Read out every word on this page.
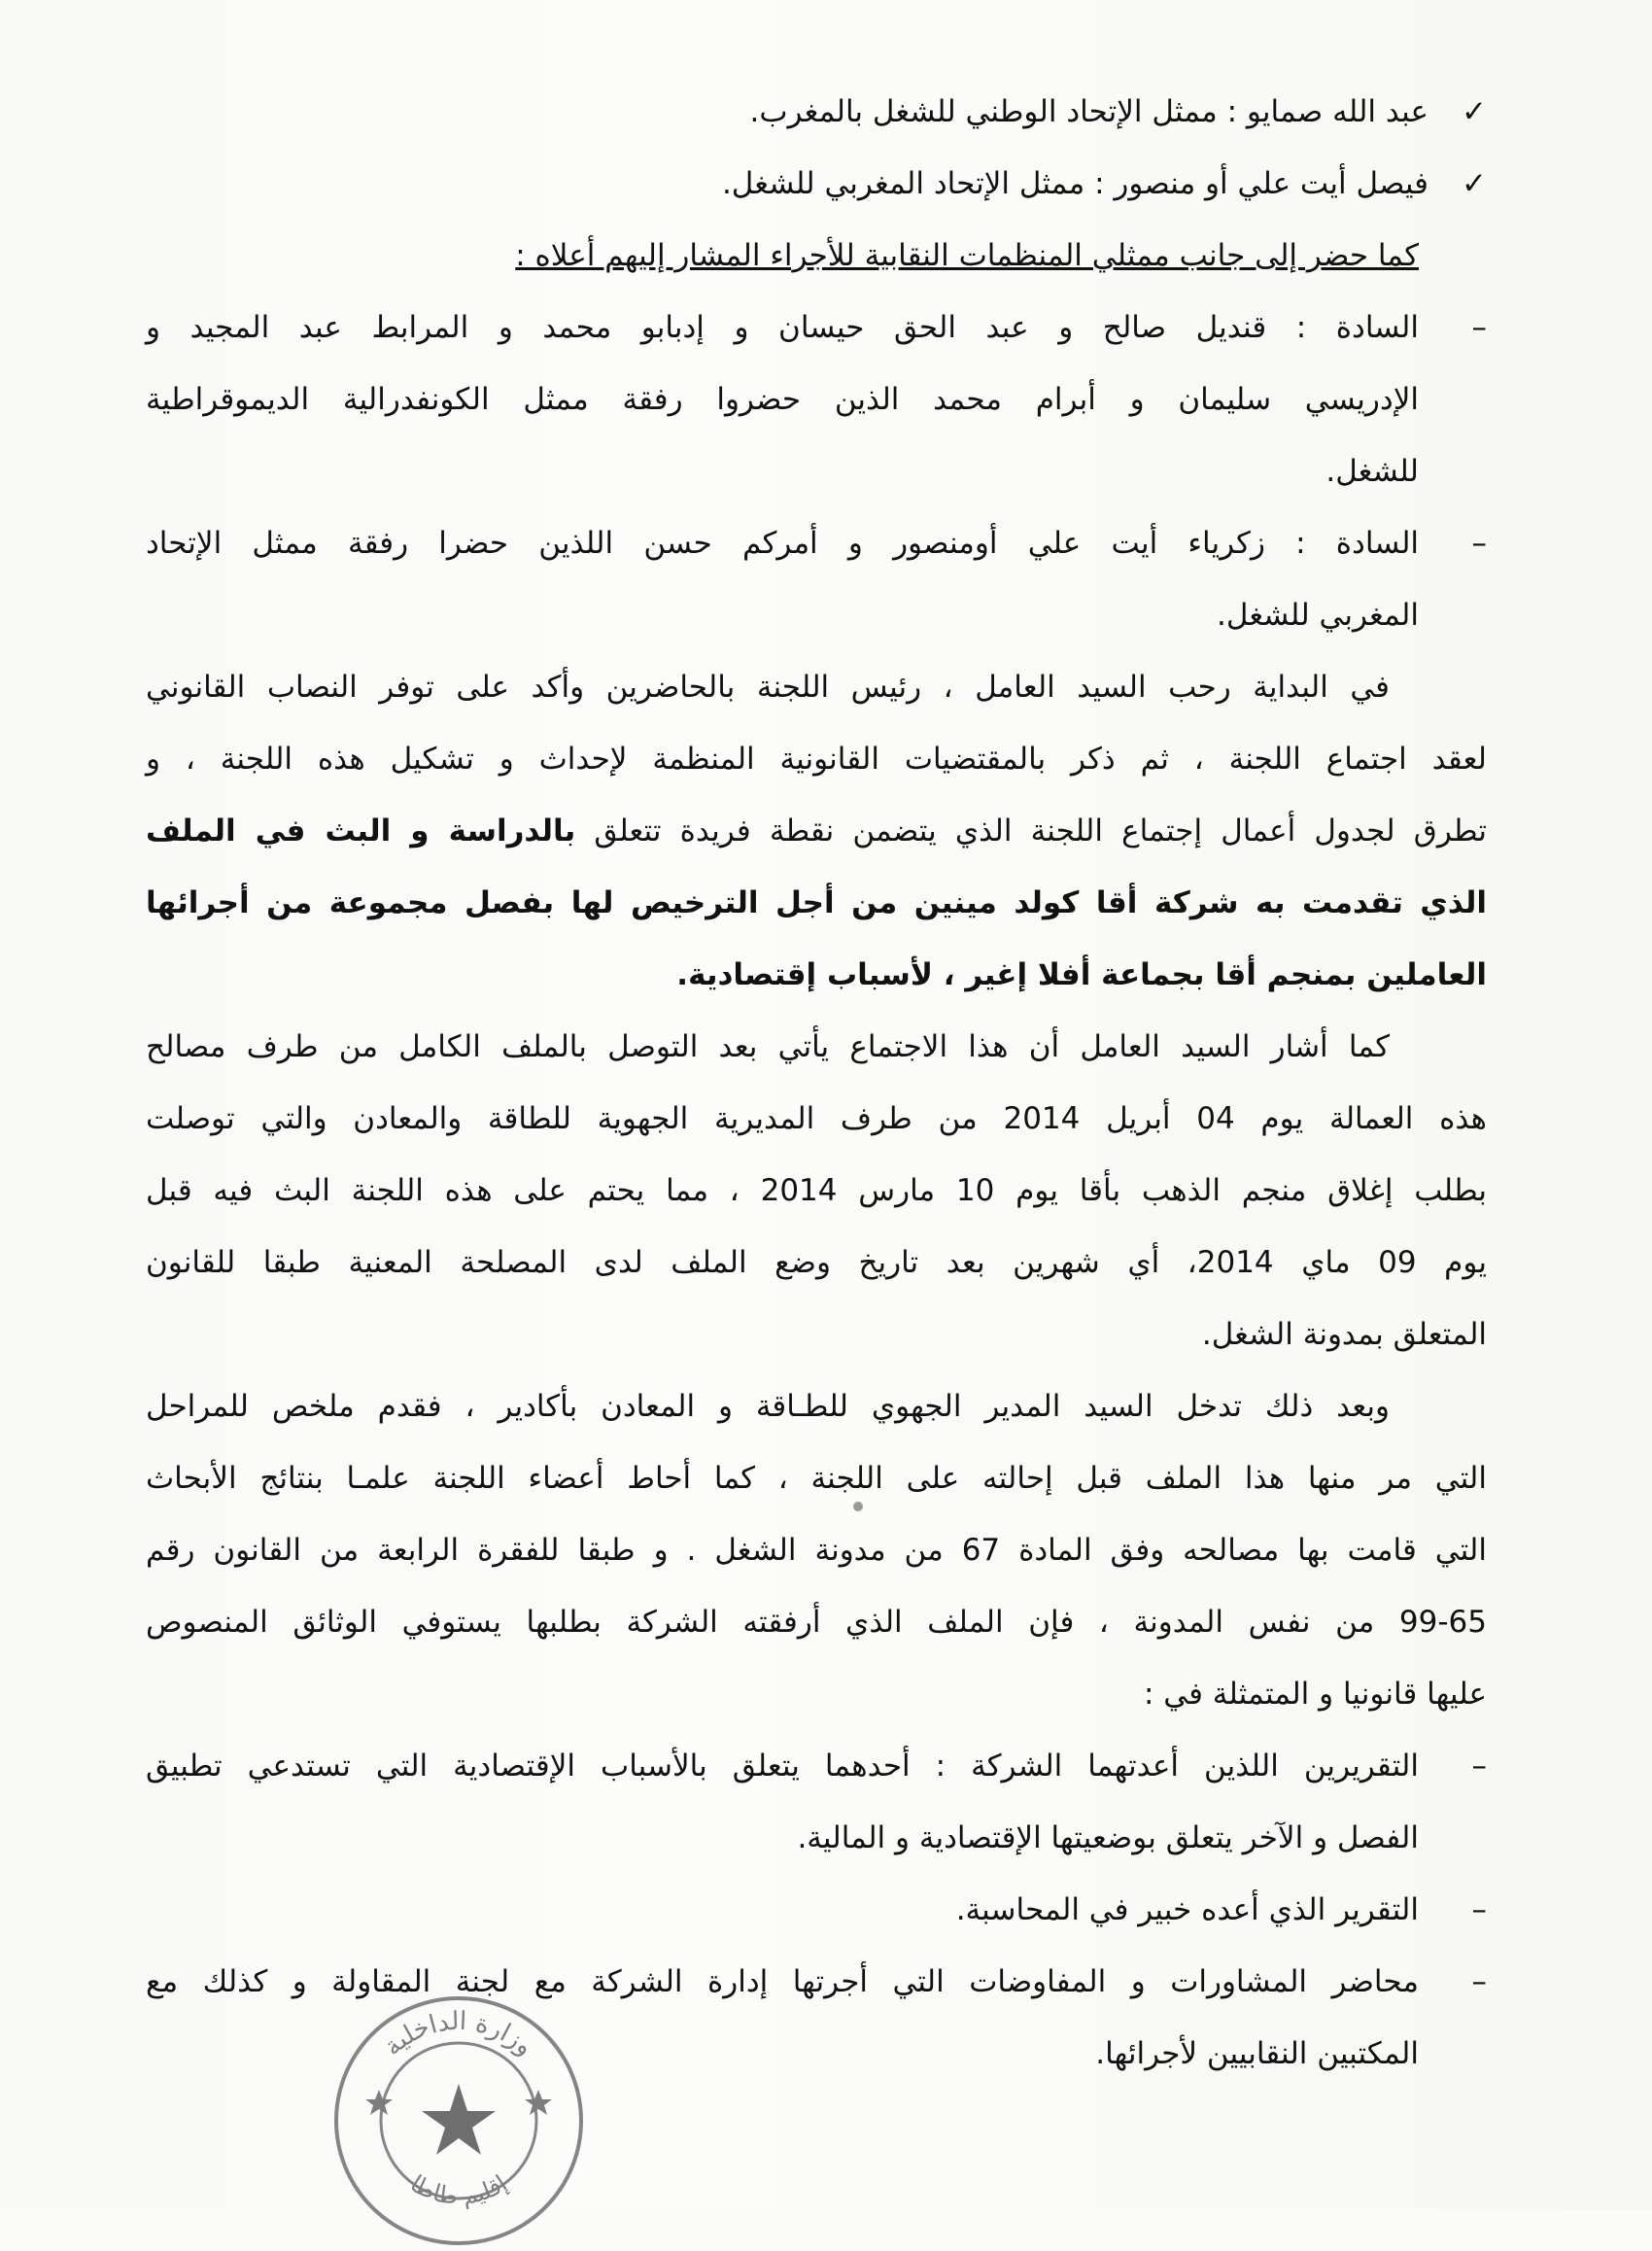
✓
عبد الله صمايو : ممثل الإتحاد الوطني للشغل بالمغرب.
✓
فيصل أيت علي أو منصور : ممثل الإتحاد المغربي للشغل.
كما حضر إلى جانب ممثلي المنظمات النقابية للأجراء المشار إليهم أعلاه :
–
السادة : قنديل صالح و عبد الحق حيسان و إدبابو محمد و المرابط عبد المجيد و
الإدريسي سليمان و أبرام محمد الذين حضروا رفقة ممثل الكونفدرالية الديموقراطية
للشغل.
–
السادة : زكرياء أيت علي أومنصور و أمركم حسن اللذين حضرا رفقة ممثل الإتحاد
المغربي للشغل.
في البداية رحب السيد العامل ، رئيس اللجنة بالحاضرين وأكد على توفر النصاب القانوني
لعقد اجتماع اللجنة ، ثم ذكر بالمقتضيات القانونية المنظمة لإحداث و تشكيل هذه اللجنة ، و
تطرق لجدول أعمال إجتماع اللجنة الذي يتضمن نقطة فريدة تتعلق بالدراسة و البث في الملف
الذي تقدمت به شركة أقا كولد مينين من أجل الترخيص لها بفصل مجموعة من أجرائها
العاملين بمنجم أقا بجماعة أفلا إغير ، لأسباب إقتصادية.
كما أشار السيد العامل أن هذا الاجتماع يأتي بعد التوصل بالملف الكامل من طرف مصالح
هذه العمالة يوم 04 أبريل 2014 من طرف المديرية الجهوية للطاقة والمعادن والتي توصلت
بطلب إغلاق منجم الذهب بأقا يوم 10 مارس 2014 ، مما يحتم على هذه اللجنة البث فيه قبل
يوم 09 ماي 2014، أي شهرين بعد تاريخ وضع الملف لدى المصلحة المعنية طبقا للقانون
المتعلق بمدونة الشغل.
وبعد ذلك تدخل السيد المدير الجهوي للطـاقة و المعادن بأكادير ، فقدم ملخص للمراحل
التي مر منها هذا الملف قبل إحالته على اللجنة ، كما أحاط أعضاء اللجنة علمـا بنتائج الأبحاث
التي قامت بها مصالحه وفق المادة 67 من مدونة الشغل . و طبقا للفقرة الرابعة من القانون رقم
99-65 من نفس المدونة ، فإن الملف الذي أرفقته الشركة بطلبها يستوفي الوثائق المنصوص
عليها قانونيا و المتمثلة في :
–
التقريرين اللذين أعدتهما الشركة : أحدهما يتعلق بالأسباب الإقتصادية التي تستدعي تطبيق
الفصل و الآخر يتعلق بوضعيتها الإقتصادية و المالية.
–
التقرير الذي أعده خبير في المحاسبة.
–
محاضر المشاورات و المفاوضات التي أجرتها إدارة الشركة مع لجنة المقاولة و كذلك مع
المكتبين النقابيين لأجرائها.
وزارة الداخلية
إقليم طاطا
